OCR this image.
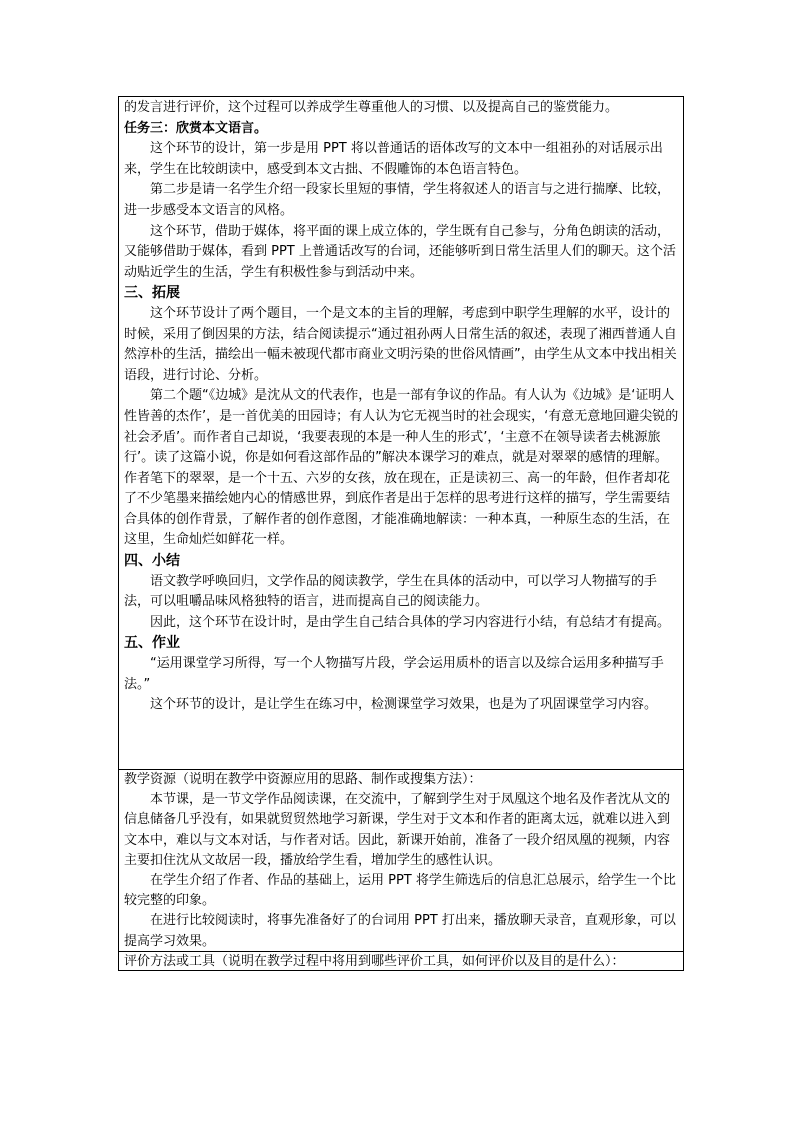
的发言进行评价，这个过程可以养成学生尊重他人的习惯、以及提高自己的鉴赏能力。

任务三：欣赏本文语言。

这个环节的设计，第一步是用 PPT 将以普通话的语体改写的文本中一组祖孙的对话展示出来，学生在比较朗读中，感受到本文古拙、不假雕饰的本色语言特色。

第二步是请一名学生介绍一段家长里短的事情，学生将叙述人的语言与之进行揣摩、比较，进一步感受本文语言的风格。

这个环节，借助于媒体，将平面的课上成立体的，学生既有自己参与，分角色朗读的活动，又能够借助于媒体，看到 PPT 上普通话改写的台词，还能够听到日常生活里人们的聊天。这个活动贴近学生的生活，学生有积极性参与到活动中来。

三、拓展

这个环节设计了两个题目，一个是文本的主旨的理解，考虑到中职学生理解的水平，设计的时候，采用了倒因果的方法，结合阅读提示“通过祖孙两人日常生活的叙述，表现了湘西普通人自然淳朴的生活，描绘出一幅未被现代都市商业文明污染的世俗风情画”，由学生从文本中找出相关语段，进行讨论、分析。

第二个题“《边城》是沈从文的代表作，也是一部有争议的作品。有人认为《边城》是‘证明人性皆善的杰作’，是一首优美的田园诗；有人认为它无视当时的社会现实，‘有意无意地回避尖锐的社会矛盾’。而作者自己却说，‘我要表现的本是一种人生的形式’，‘主意不在领导读者去桃源旅行’。读了这篇小说，你是如何看这部作品的”解决本课学习的难点，就是对翠翠的感情的理解。作者笔下的翠翠，是一个十五、六岁的女孩，放在现在，正是读初三、高一的年龄，但作者却花了不少笔墨来描绘她内心的情感世界，到底作者是出于怎样的思考进行这样的描写，学生需要结合具体的创作背景，了解作者的创作意图，才能准确地解读：一种本真，一种原生态的生活，在这里，生命灿烂如鲜花一样。

四、小结

语文教学呼唤回归，文学作品的阅读教学，学生在具体的活动中，可以学习人物描写的手法，可以咀嚼品味风格独特的语言，进而提高自己的阅读能力。

因此，这个环节在设计时，是由学生自己结合具体的学习内容进行小结，有总结才有提高。

五、作业

“运用课堂学习所得，写一个人物描写片段，学会运用质朴的语言以及综合运用多种描写手法。”

这个环节的设计，是让学生在练习中，检测课堂学习效果，也是为了巩固课堂学习内容。

教学资源（说明在教学中资源应用的思路、制作或搜集方法）：

本节课，是一节文学作品阅读课，在交流中，了解到学生对于凤凰这个地名及作者沈从文的信息储备几乎没有，如果就贸贸然地学习新课，学生对于文本和作者的距离太远，就难以进入到文本中，难以与文本对话，与作者对话。因此，新课开始前，准备了一段介绍凤凰的视频，内容主要扣住沈从文故居一段，播放给学生看，增加学生的感性认识。

在学生介绍了作者、作品的基础上，运用 PPT 将学生筛选后的信息汇总展示，给学生一个比较完整的印象。

在进行比较阅读时，将事先准备好了的台词用 PPT 打出来，播放聊天录音，直观形象，可以提高学习效果。

评价方法或工具（说明在教学过程中将用到哪些评价工具，如何评价以及目的是什么）：
